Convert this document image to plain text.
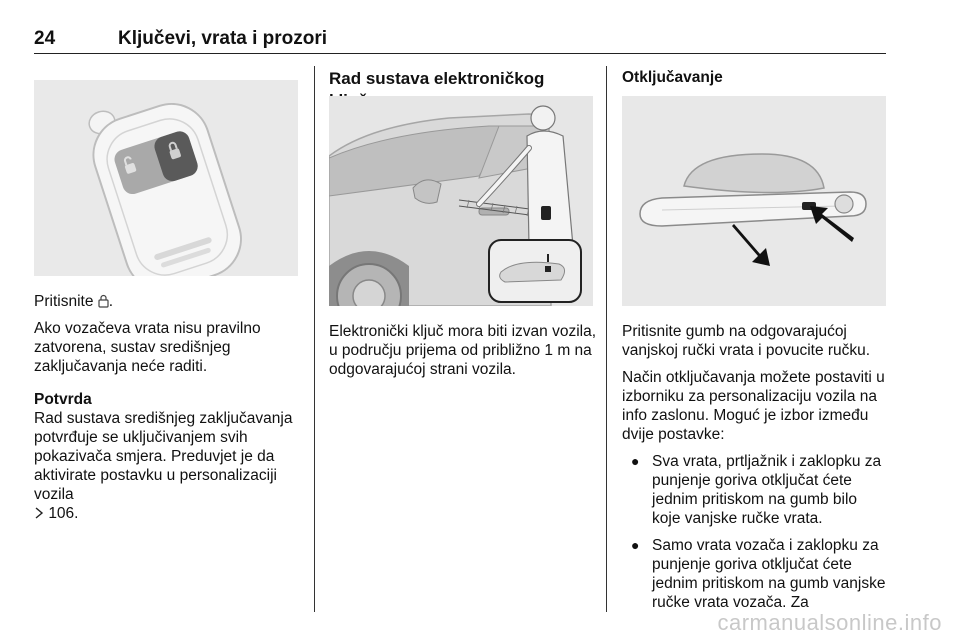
24	Ključevi, vrata i prozori

Pritisnite .

Ako vozačeva vrata nisu pravilno zatvorena, sustav središnjeg zaključavanja neće raditi.

Potvrda

Rad sustava središnjeg zaključavanja potvrđuje se uključivanjem svih pokazivača smjera. Preduvjet je da aktivirate postavku u personalizaciji vozila
106.

Rad sustava elektroničkog

Elektronički ključ mora biti izvan vozila, u području prijema od približno 1 m na odgovarajućoj strani vozila.

Otključavanje

Pritisnite gumb na odgovarajućoj vanjskoj ručki vrata i povucite ručku.

Način otključavanja možete postaviti u izborniku za personalizaciju vozila na info zaslonu. Moguć je izbor između dvije postavke:

● Sva vrata, prtljažnik i zaklopku za punjenje goriva otključat ćete jednim pritiskom na gumb bilo koje vanjske ručke vrata.
● Samo vrata vozača i zaklopku za punjenje goriva otključat ćete jednim pritiskom na gumb vanjske ručke vrata vozača. Za
carmanualsonline.info
